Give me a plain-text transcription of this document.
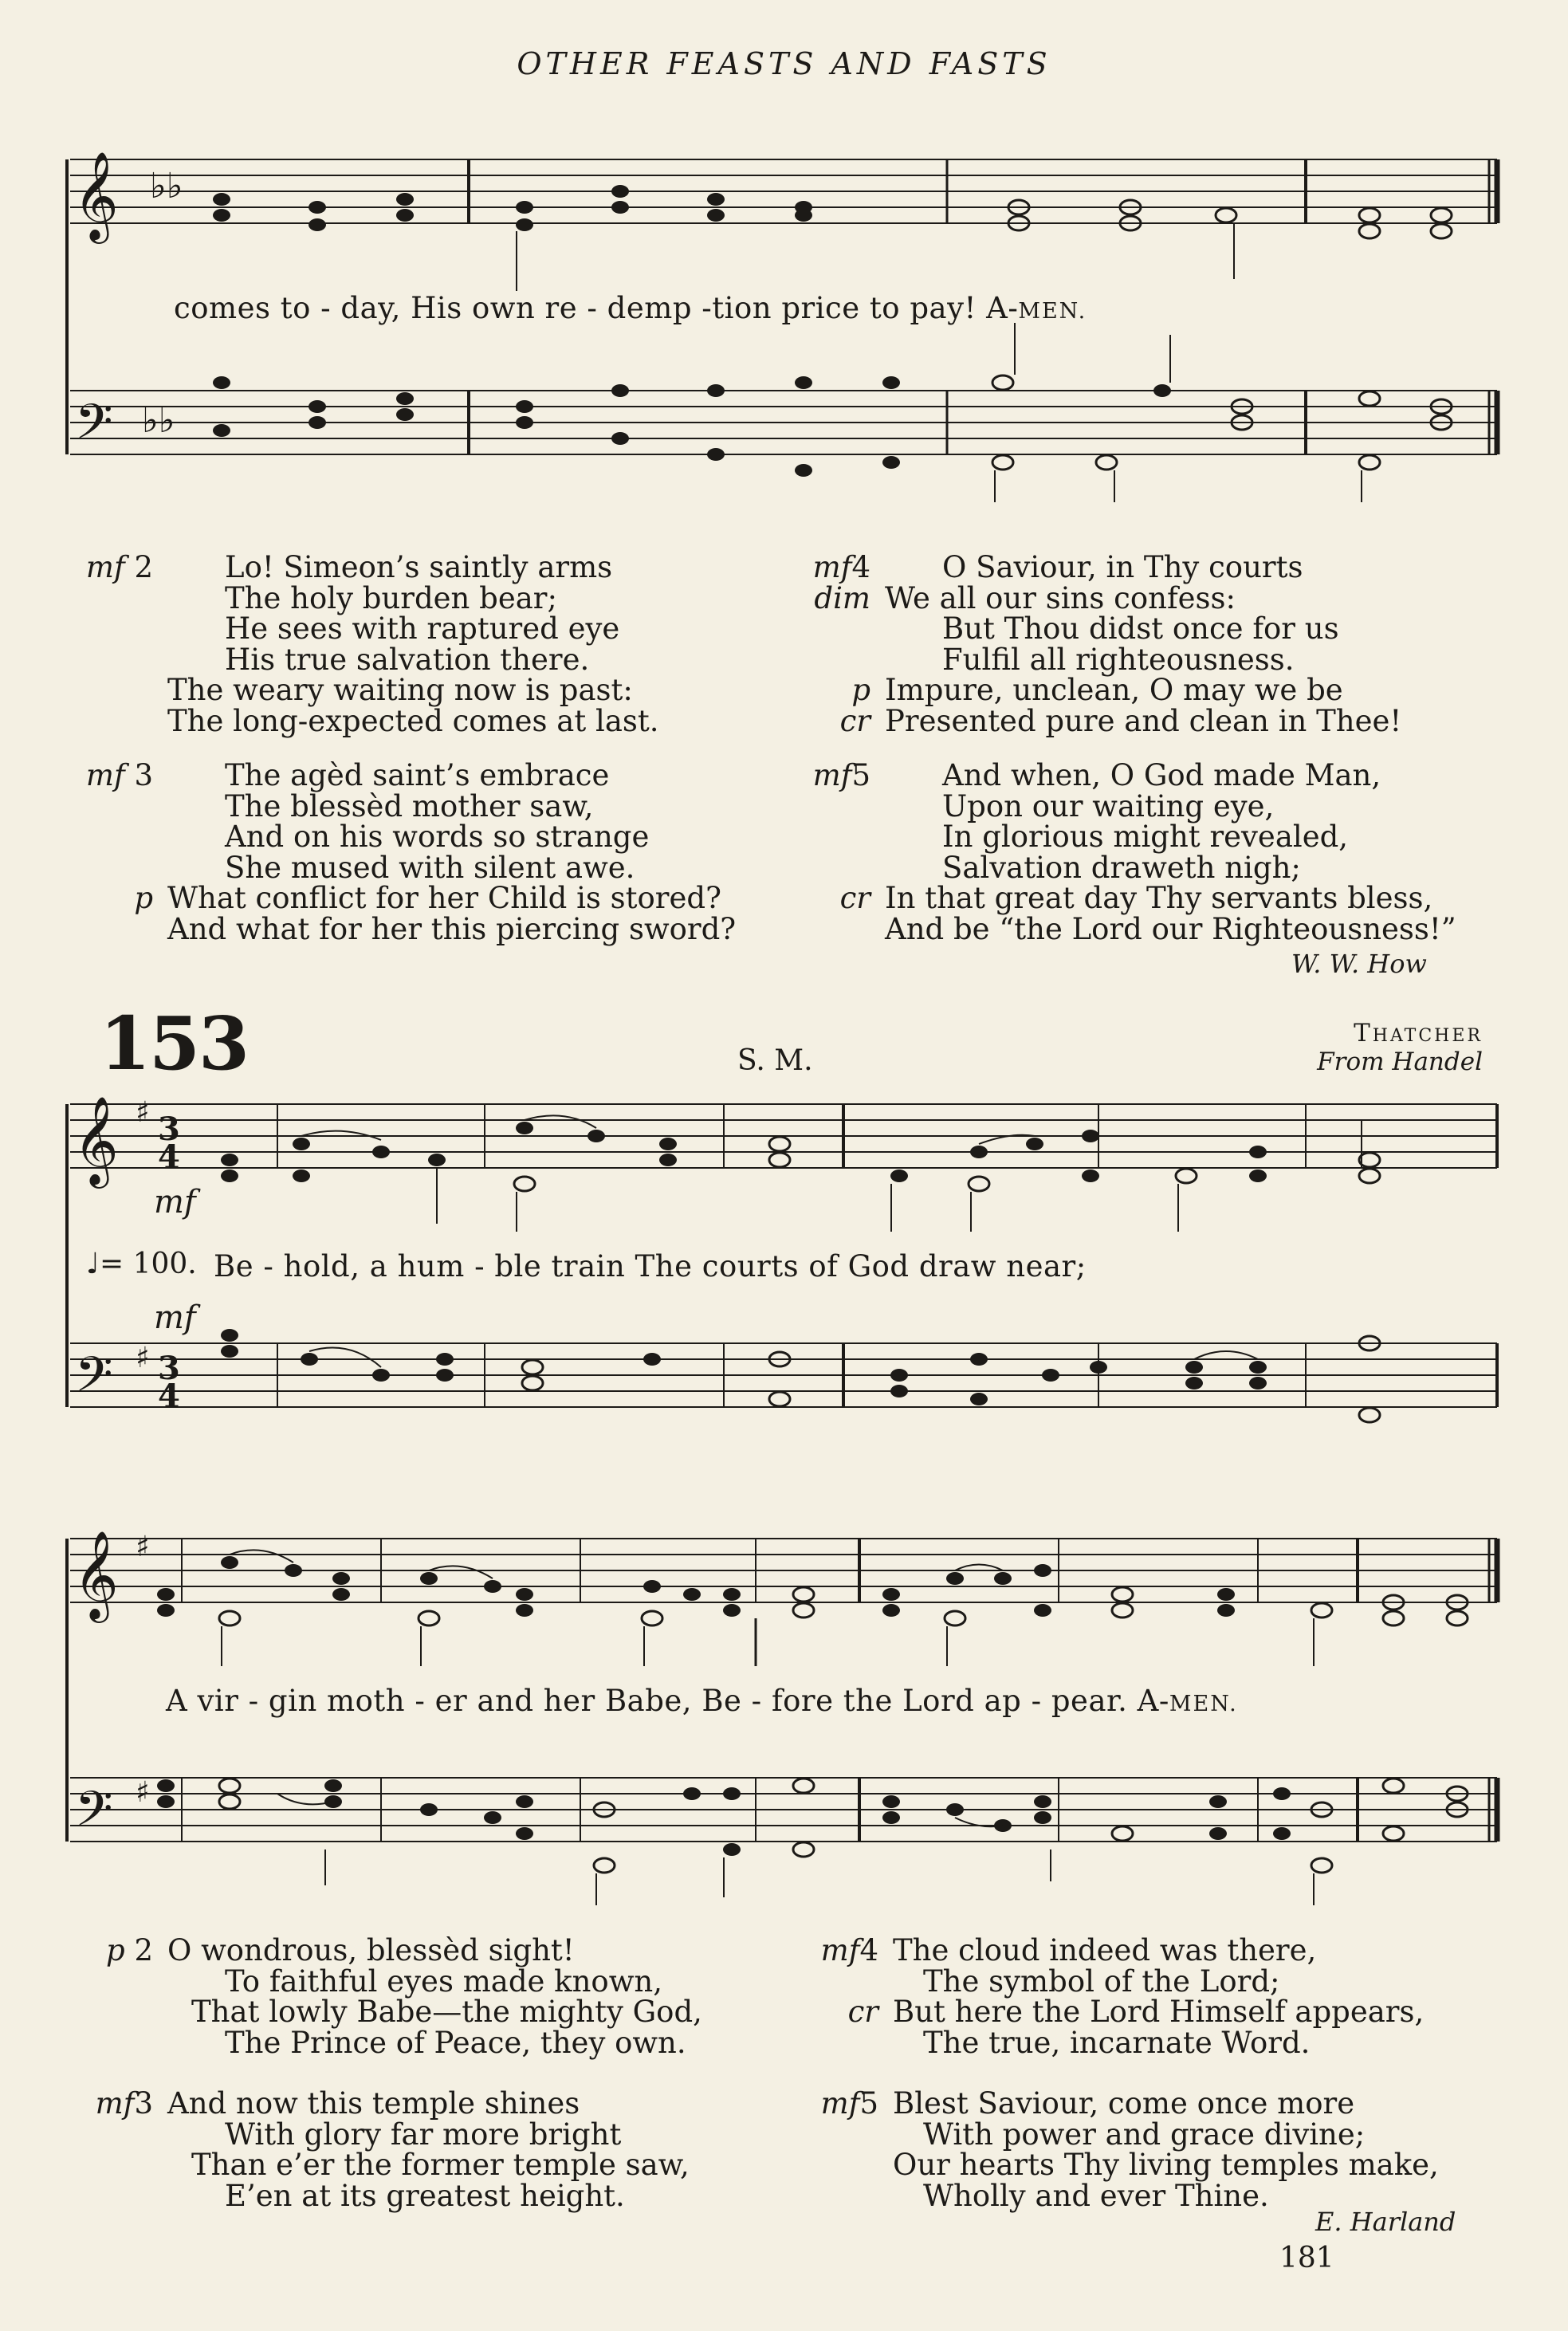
OTHER FEASTS AND FASTS
𝄞
𝄢
♭♭
♭♭
comes to - day, His own re - demp -tion price to pay! A-MEN.
mf 2	Lo! Simeon’s saintly arms
The holy burden bear;
He sees with raptured eye
His true salvation there.
The weary waiting now is past:
The long-expected comes at last.
mf 3	The agèd saint’s embrace
The blessèd mother saw,
And on his words so strange
She mused with silent awe.
p What conflict for her Child is stored?
And what for her this piercing sword?
mf4	O Saviour, in Thy courts
dim We all our sins confess:
But Thou didst once for us
Fulfil all righteousness.
p Impure, unclean, O may we be
cr Presented pure and clean in Thee!
mf5	And when, O God made Man,
Upon our waiting eye,
In glorious might revealed,
Salvation draweth nigh;
cr In that great day Thy servants bless,
And be “the Lord our Righteousness!”
W. W. How
153	S. M.
Thatcher
From Handel
𝄞
𝄢
♯
♯
3
4
3
4
mf
♩= 100. Be - hold, a hum - ble train The courts of God draw near;
mf
𝄞
𝄢
♯
♯
A vir - gin moth - er and her Babe, Be - fore the Lord ap - pear. A-MEN.
p 2 O wondrous, blessèd sight!
To faithful eyes made known,
That lowly Babe—the mighty God,
The Prince of Peace, they own.
mf3 And now this temple shines
With glory far more bright
Than e’er the former temple saw,
E’en at its greatest height.
mf4 The cloud indeed was there,
The symbol of the Lord;
cr But here the Lord Himself appears,
The true, incarnate Word.
mf5 Blest Saviour, come once more
With power and grace divine;
Our hearts Thy living temples make,
Wholly and ever Thine.
E. Harland
181
